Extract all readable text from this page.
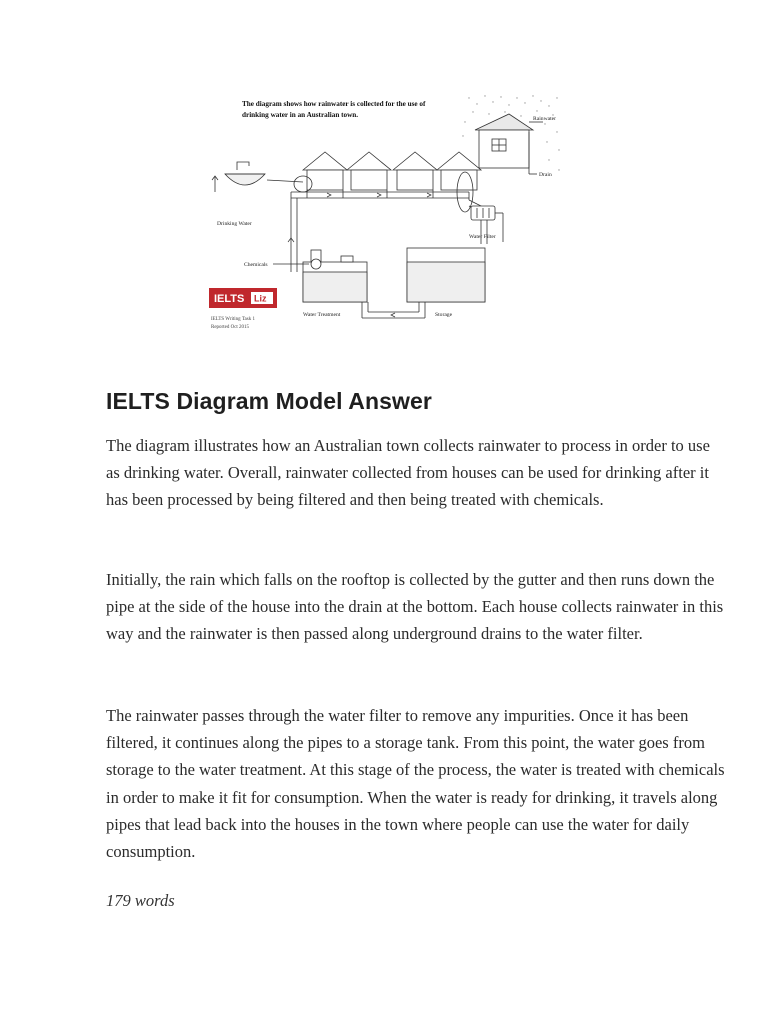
The diagram shows how rainwater is collected for the use of
drinking water in an Australian town.	Rainwater
Drain
Drinking Water
Water Filter
Storage
Water Treatment
Chemicals
IELTS Liz
IELTS Writing Task 1
Reported Oct 2015
IELTS Diagram Model Answer

The diagram illustrates how an Australian town collects rainwater to process in order to use as drinking water. Overall, rainwater collected from houses can be used for drinking after it has been processed by being filtered and then being treated with chemicals.

Initially, the rain which falls on the rooftop is collected by the gutter and then runs down the pipe at the side of the house into the drain at the bottom. Each house collects rainwater in this way and the rainwater is then passed along underground drains to the water filter.

The rainwater passes through the water filter to remove any impurities. Once it has been filtered, it continues along the pipes to a storage tank. From this point, the water goes from storage to the water treatment. At this stage of the process, the water is treated with chemicals in order to make it fit for consumption. When the water is ready for drinking, it travels along pipes that lead back into the houses in the town where people can use the water for daily consumption.

179 words
